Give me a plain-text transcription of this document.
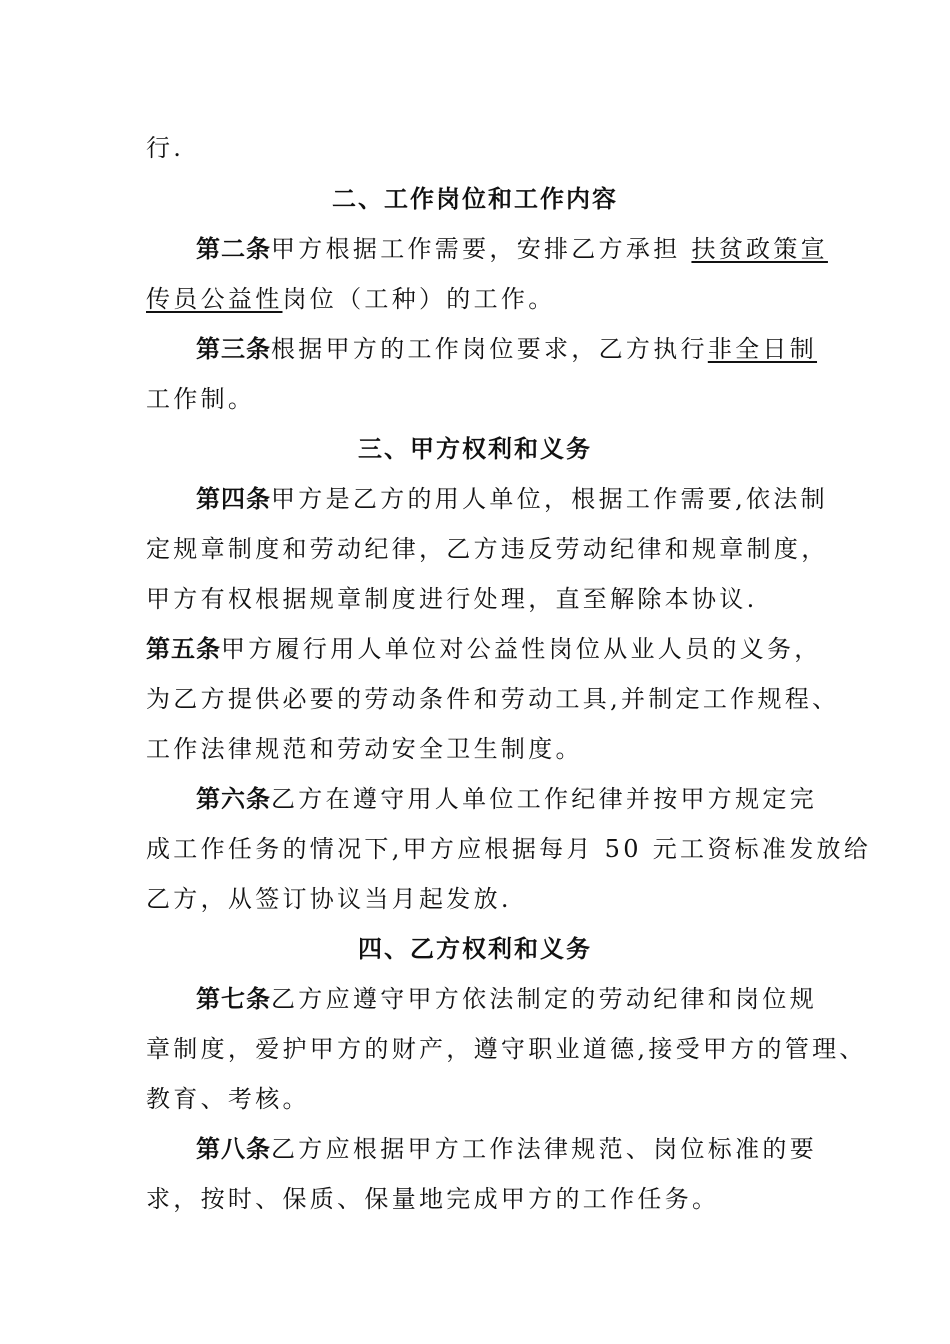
行.
二、工作岗位和工作内容
第二条甲方根据工作需要，安排乙方承担 扶贫政策宣
传员公益性岗位（工种）的工作。
第三条根据甲方的工作岗位要求，乙方执行非全日制
工作制。
三、甲方权利和义务
第四条甲方是乙方的用人单位，根据工作需要,依法制
定规章制度和劳动纪律，乙方违反劳动纪律和规章制度，
甲方有权根据规章制度进行处理，直至解除本协议.
第五条甲方履行用人单位对公益性岗位从业人员的义务，
为乙方提供必要的劳动条件和劳动工具,并制定工作规程、
工作法律规范和劳动安全卫生制度。
第六条乙方在遵守用人单位工作纪律并按甲方规定完
成工作任务的情况下,甲方应根据每月 50 元工资标准发放给
乙方，从签订协议当月起发放.
四、乙方权利和义务
第七条乙方应遵守甲方依法制定的劳动纪律和岗位规
章制度，爱护甲方的财产，遵守职业道德,接受甲方的管理、
教育、考核。
第八条乙方应根据甲方工作法律规范、岗位标准的要
求，按时、保质、保量地完成甲方的工作任务。
